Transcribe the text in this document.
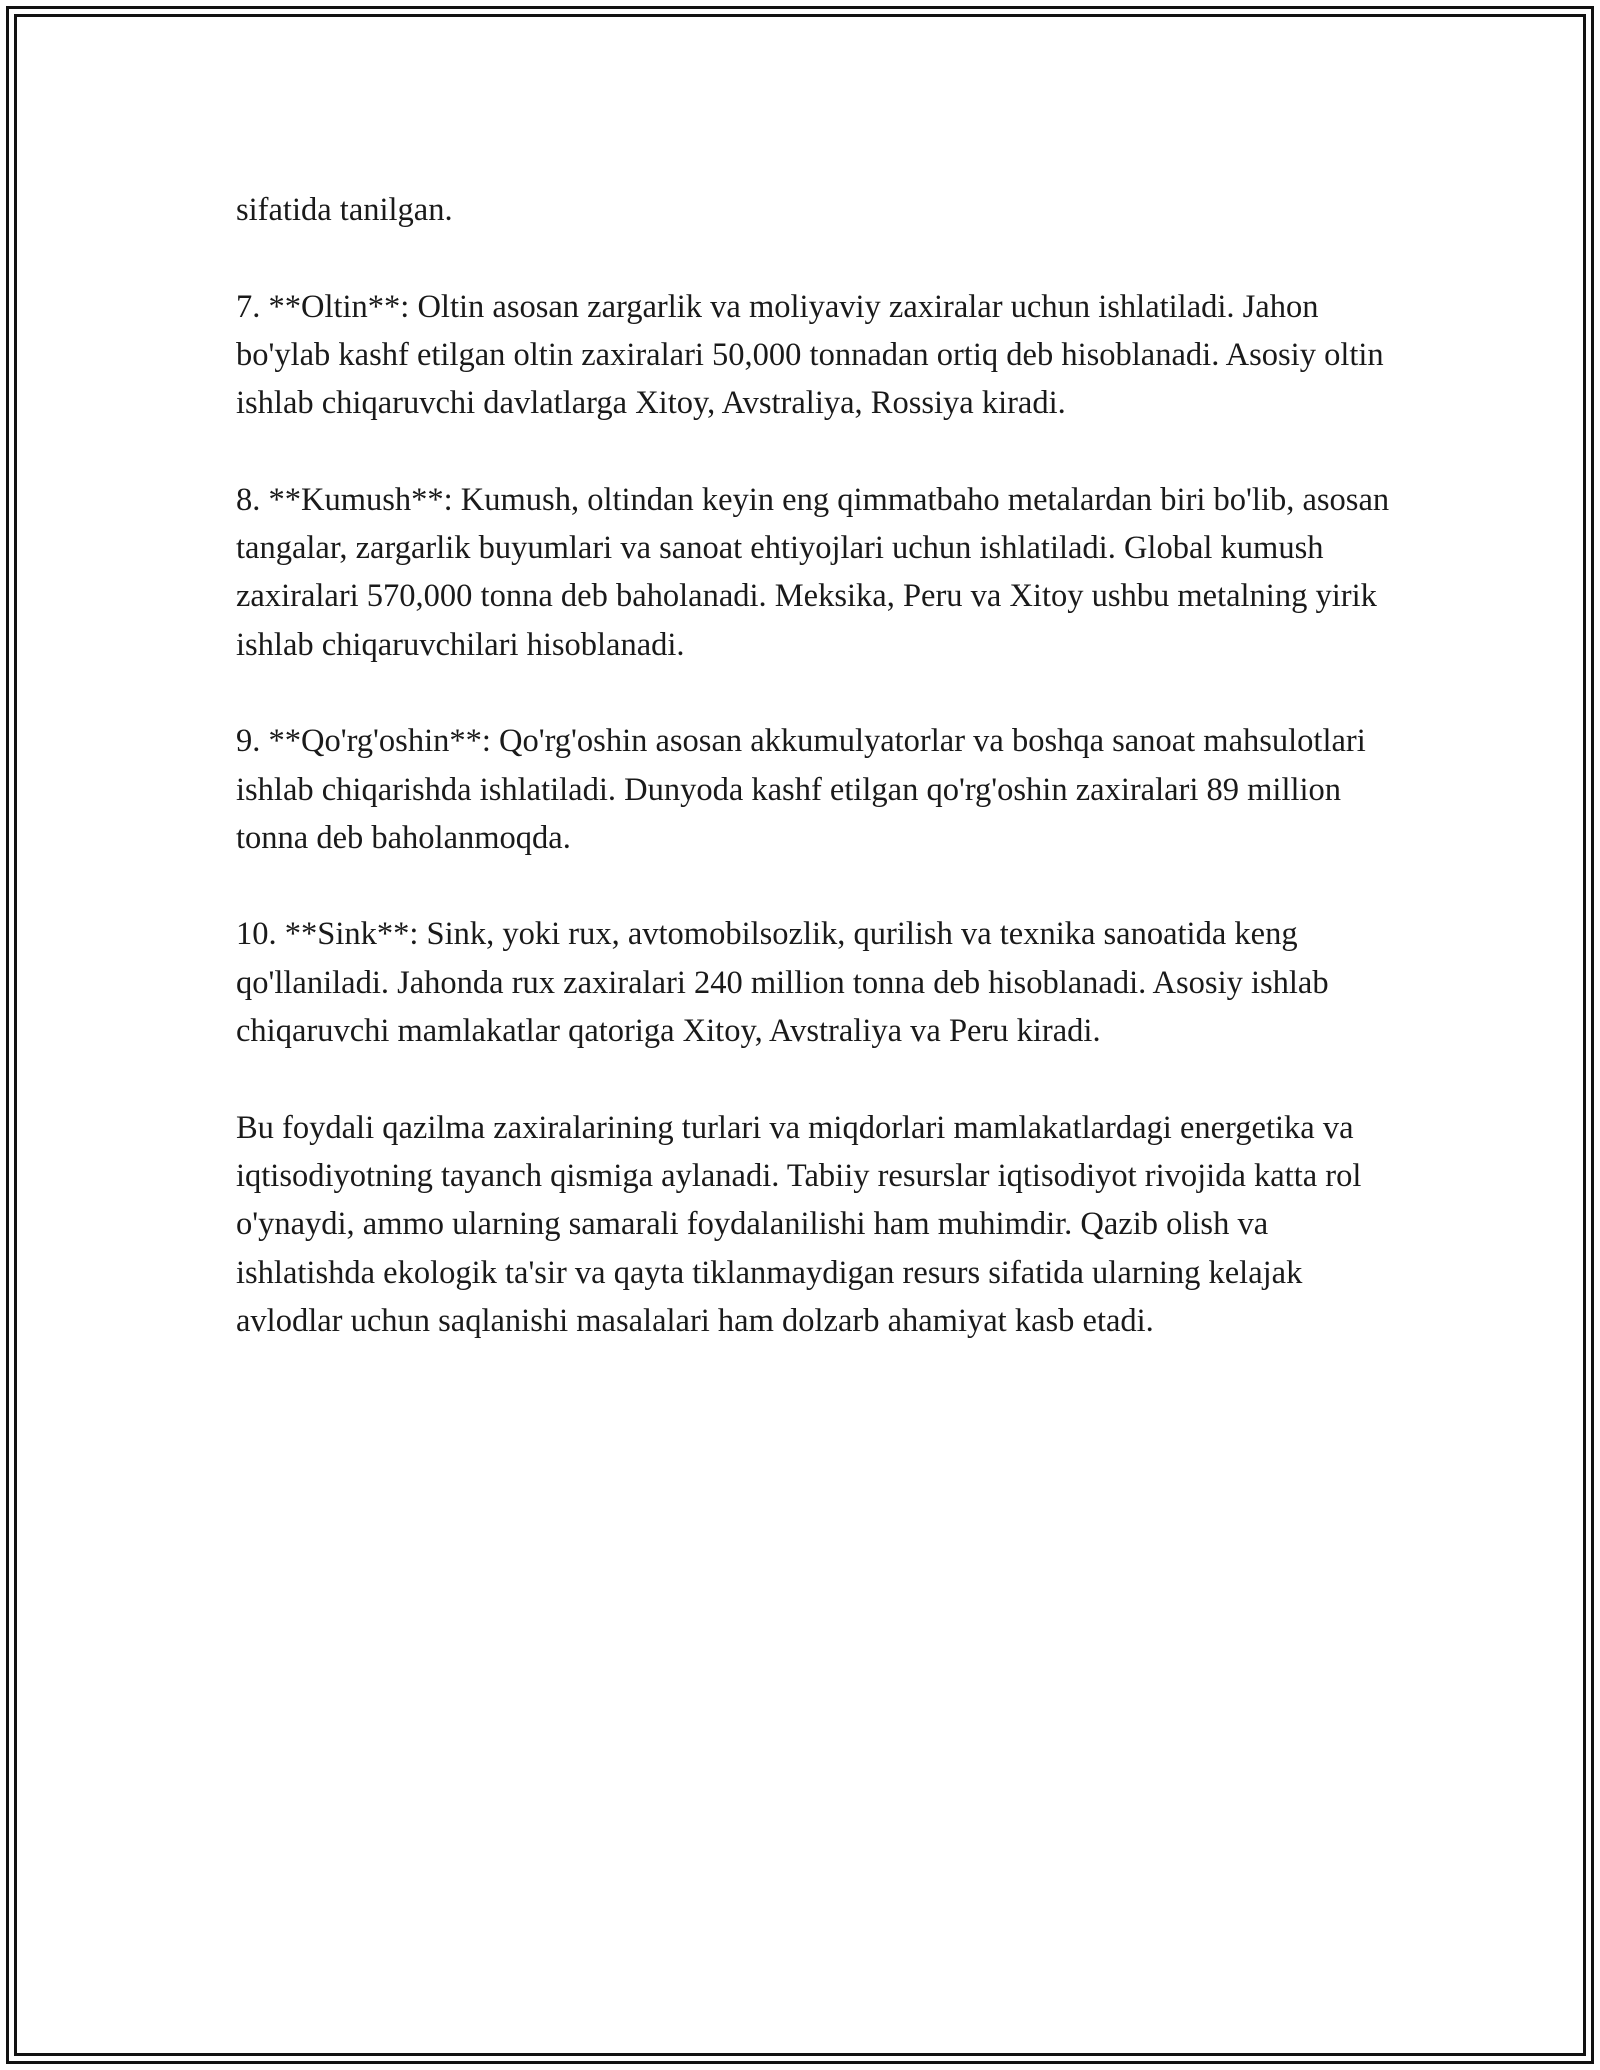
sifatida tanilgan.

7. **Oltin**: Oltin asosan zargarlik va moliyaviy zaxiralar uchun ishlatiladi. Jahon bo'ylab kashf etilgan oltin zaxiralari 50,000 tonnadan ortiq deb hisoblanadi. Asosiy oltin ishlab chiqaruvchi davlatlarga Xitoy, Avstraliya, Rossiya kiradi.

8. **Kumush**: Kumush, oltindan keyin eng qimmatbaho metalardan biri bo'lib, asosan tangalar, zargarlik buyumlari va sanoat ehtiyojlari uchun ishlatiladi. Global kumush zaxiralari 570,000 tonna deb baholanadi. Meksika, Peru va Xitoy ushbu metalning yirik ishlab chiqaruvchilari hisoblanadi.

9. **Qo'rg'oshin**: Qo'rg'oshin asosan akkumulyatorlar va boshqa sanoat mahsulotlari ishlab chiqarishda ishlatiladi. Dunyoda kashf etilgan qo'rg'oshin zaxiralari 89 million tonna deb baholanmoqda.

10. **Sink**: Sink, yoki rux, avtomobilsozlik, qurilish va texnika sanoatida keng qo'llaniladi. Jahonda rux zaxiralari 240 million tonna deb hisoblanadi. Asosiy ishlab chiqaruvchi mamlakatlar qatoriga Xitoy, Avstraliya va Peru kiradi.

Bu foydali qazilma zaxiralarining turlari va miqdorlari mamlakatlardagi energetika va iqtisodiyotning tayanch qismiga aylanadi. Tabiiy resurslar iqtisodiyot rivojida katta rol o'ynaydi, ammo ularning samarali foydalanilishi ham muhimdir. Qazib olish va ishlatishda ekologik ta'sir va qayta tiklanmaydigan resurs sifatida ularning kelajak avlodlar uchun saqlanishi masalalari ham dolzarb ahamiyat kasb etadi.
